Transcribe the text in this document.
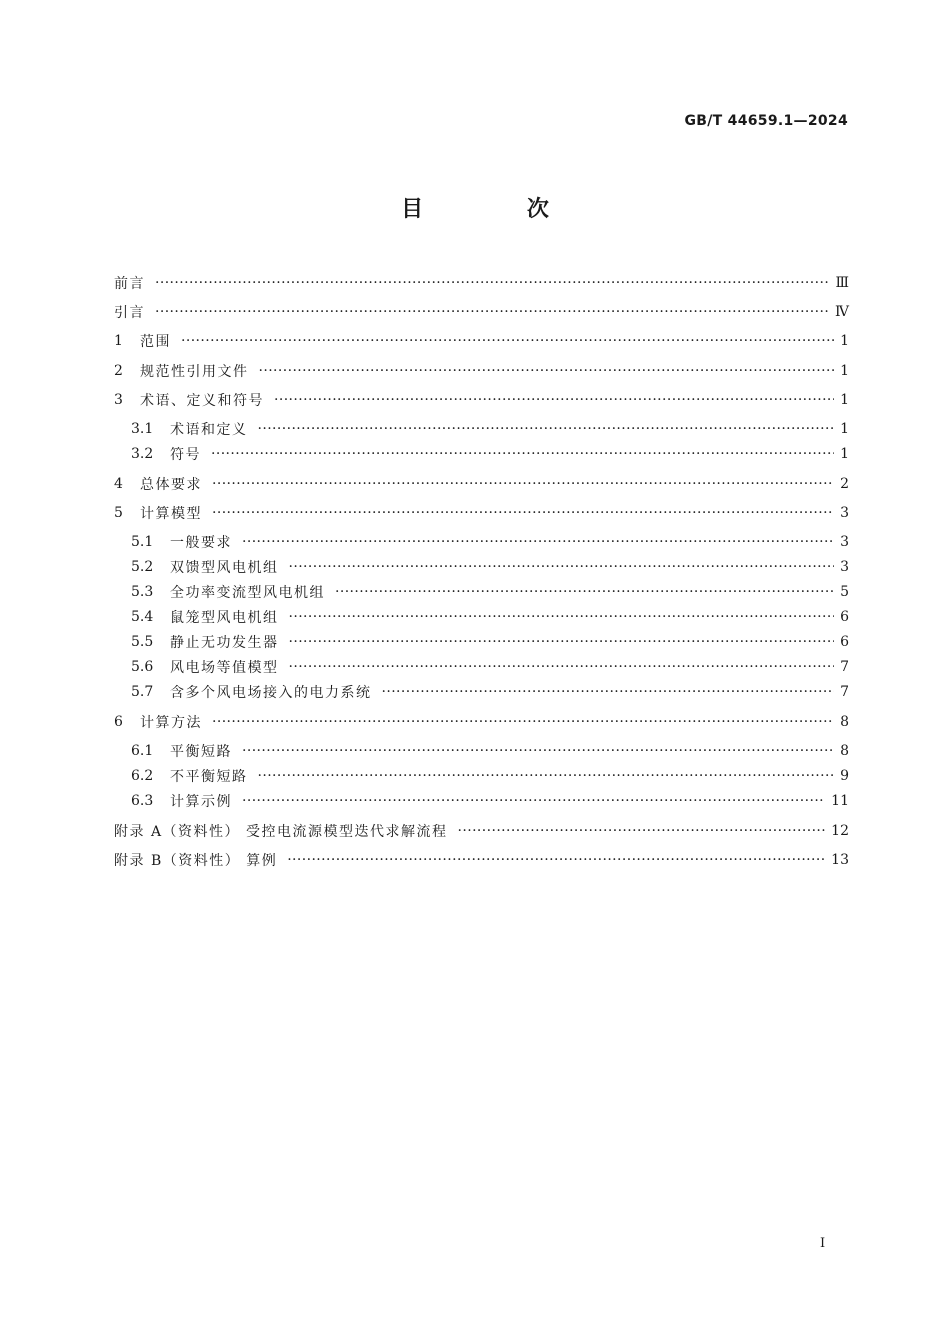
GB/T 44659.1—2024
目 次
前言 ·····	Ⅲ
引言 ·····	Ⅳ
1	范围 ·····	1
2	规范性引用文件 ·····	1
3	术语、定义和符号 ·····	1
3.1	术语和定义 ·····	1
3.2	符号 ·····	1
4	总体要求 ·····	2
5	计算模型 ·····	3
5.1	一般要求 ·····	3
5.2	双馈型风电机组 ·····	3
5.3	全功率变流型风电机组 ·····	5
5.4	鼠笼型风电机组 ·····	6
5.5	静止无功发生器 ·····	6
5.6	风电场等值模型 ·····	7
5.7	含多个风电场接入的电力系统 ·····	7
6	计算方法 ·····	8
6.1	平衡短路 ·····	8
6.2	不平衡短路 ·····	9
6.3	计算示例 ·····	11
附录 A（资料性） 受控电流源模型迭代求解流程 ·····	12
附录 B（资料性） 算例 ·····	13
I
